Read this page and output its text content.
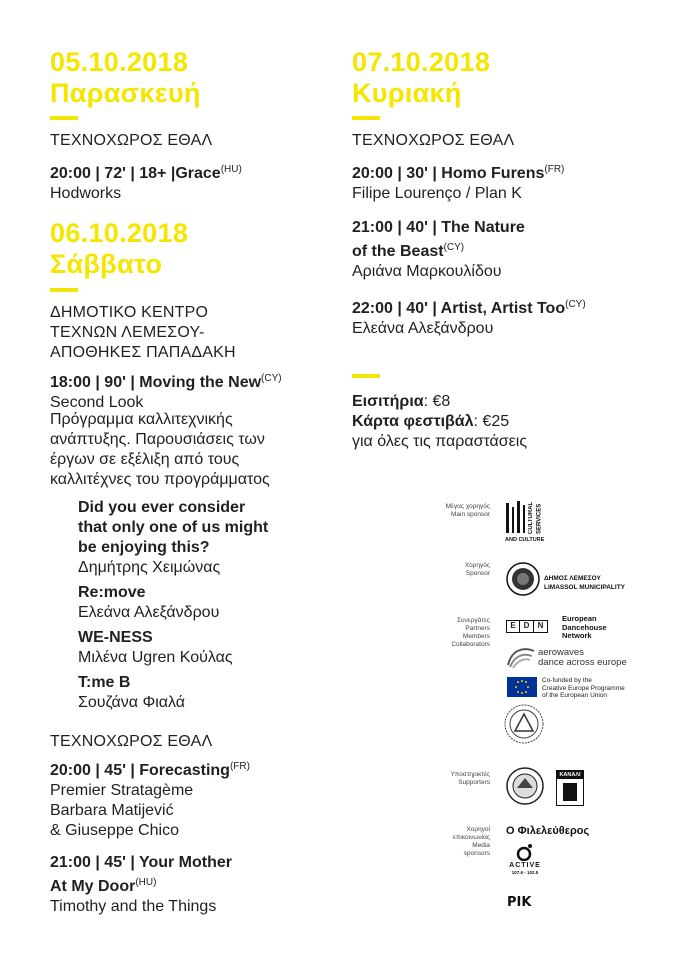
05.10.2018
Παρασκευή
ΤΕΧΝΟΧΩΡΟΣ ΕΘΑΛ
20:00 | 72' | 18+ |Grace$^{(HU)}$
Hodworks
06.10.2018
Σάββατο
ΔΗΜΟΤΙΚΟ ΚΕΝΤΡΟ
ΤΕΧΝΩΝ ΛΕΜΕΣΟΥ-
ΑΠΟΘΗΚΕΣ ΠΑΠΑΔΑΚΗ
18:00 | 90' | Moving the New$^{(CY)}$
Second Look
Πρόγραμμα καλλιτεχνικής
ανάπτυξης. Παρουσιάσεις των
έργων σε εξέλιξη από τους
καλλιτέχνες του προγράμματος
Did you ever consider
that only one of us might
be enjoying this?
Δημήτρης Χειμώνας
Re:move
Ελεάνα Αλεξάνδρου
WE-NESS
Μιλένα Ugren Κούλας
T:me B
Σουζάνα Φιαλά
ΤΕΧΝΟΧΩΡΟΣ ΕΘΑΛ
20:00 | 45' | Forecasting$^{(FR)}$
Premier Stratagème
Barbara Matijević
& Giuseppe Chico
21:00 | 45' | Your Mother
At My Door$^{(HU)}$
Timothy and the Things
07.10.2018
Κυριακή
ΤΕΧΝΟΧΩΡΟΣ ΕΘΑΛ
20:00 | 30' | Homo Furens$^{(FR)}$
Filipe Lourenço / Plan K
21:00 | 40' | The Nature
of the Beast$^{(CY)}$
Αριάνα Μαρκουλίδου
22:00 | 40' | Artist, Artist Too$^{(CY)}$
Ελεάνα Αλεξάνδρου
Εισιτήρια: €8
Κάρτα φεστιβάλ: €25
για όλες τις παραστάσεις
Μέγας χορηγός
Main sponsor	CULTURAL SERVICES
AND CULTURE
Χορηγός
Sponsor
ΔΗΜΟΣ ΛΕΜΕΣΟΥ
LIMASSOL MUNICIPALITY
Συνεργάτες
Partners
Members
Collaborators
E D	N
European
Dancehouse
Network
aerowaves
dance across europe
Co-funded by the
Creative Europe Programme
of the European Union
Υποστηρικτές
Supporters
ΚΑΝΑΛΙ
Χορηγοί
επικοινωνίας
Media
sponsors
Ο Φιλελεύθερος
ACTIVE
107.6 - 102.5
ΡΙΚ
